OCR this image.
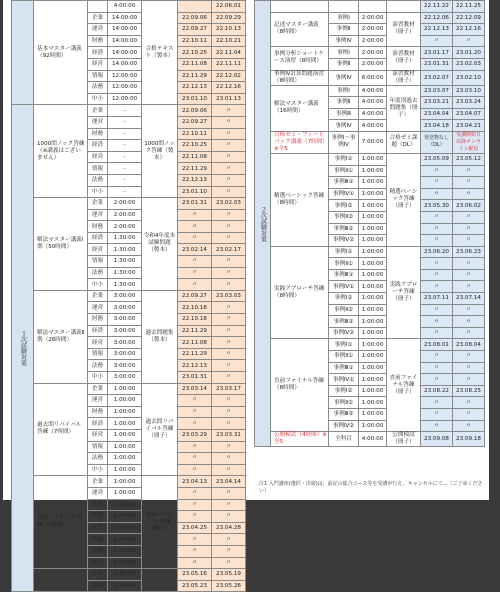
	基本マスター講義（92時間）		4:00:00	合格テキスト（製本）		22.06.01
		企業	14:00:00		22.09.06	22.09.29
		運営	14:00:00		22.09.27	22.10.13
		財務	14:00:00		22.10.11	22.10.21
		経済	14:00:00		22.10.25	22.11.04
		経営	14:00:00		22.11.08	22.11.11
		情報	12:00:00		22.11.29	22.12.02
		法務	12:00:00		22.12.13	22.12.16
		中小	12:00:00		23.01.10	23.01.13
１次試験対策	1000問ノック答練（※講義はございません）	企業	-	1000問ノック答練（製本）	22.09.06	〃
		運営	-		22.09.27	〃
		財務	-		22.10.11	〃
		経済	-		22.10.25	〃
		経営	-		22.11.08	〃
		情報	-		22.11.29	〃
		法務	-		22.12.13	〃
		中小	-		23.01.10	〃
	解法マスター講義Ⅰ期（50時間）	企業	2:00:00	令和4年度本試験問題（製本）	23.01.31	23.02.03
		運営	2:00:00		〃	〃
		財務	2:00:00		〃	〃
		経済	1:30:00		〃	〃
		経営	1:30:00		23.02.14	23.02.17
		情報	1:30:00		〃	〃
		法務	1:30:00		〃	〃
		中小	1:30:00		〃	〃
	解法マスター講義Ⅱ期（26時間）	企業	3:00:00	過去問題集（製本）	22.09.27	23.03.03
		運営	3:00:00		22.10.18	〃
		財務	3:00:00		22.10.18	〃
		経済	3:00:00		22.11.29	〃
		経営	3:00:00		22.11.08	〃
		情報	3:00:00		22.11.29	〃
		法務	3:00:00		22.12.13	〃
		中小	3:00:00		23.01.31	〃
	過去問リバイバル答練（7時間）	企業	1:00:00	過去問リバイバル答練（冊子）	23.03.14	23.03.17
		運営	1:00:00		〃	〃
		財務	1:00:00		〃	〃
		経済	1:00:00		〃	〃
		経営	1:00:00		23.03.29	23.03.31
		情報	1:00:00		〃	〃
		法務	1:00:00		〃	〃
		中小	1:00:00		〃	〃
	実践ハイレベル答練（7時間）	企業	1:00:00	実践ハイレベル答練（冊子）	23.04.13	23.04.14
		運営	1:00:00		〃	〃
		財務	1:00:00		〃	〃
		経済	1:00:00		〃	〃
		経営	1:00:00		23.04.25	23.04.28
		情報	1:00:00		〃	〃
		法務	1:00:00		〃	〃
		中小	1:00:00		〃	〃
		企業	1:30:00		23.05.16	23.05.19
		運営	1:30:00		23.05.23	23.05.26
２次試験対策					22.11.22	22.11.25
	記述マスター講義（8時間）	事例Ⅰ	2:00:00	演習教材（冊子）	22.12.06	22.12.09
		事例Ⅱ	2:00:00		22.12.13	22.12.16
		事例Ⅳ	2:00:00		〃	〃
	事例分析ショートケース演習（8時間）	事例Ⅰ	2:00:00	演習教材（冊子）	23.01.17	23.01.20
		事例Ⅱ	2:00:00		23.01.31	23.02.03
	事例Ⅳ計算問題演習（8時間）	事例Ⅳ	6:00:00	演習教材（冊子）	23.02.07	23.02.10
	解法マスター講義（16時間）	事例Ⅰ	4:00:00	年度別過去問題集（冊子）	23.03.07	23.03.10
		事例Ⅱ	4:00:00		23.03.21	23.03.24
		事例Ⅲ	4:00:00		23.04.04	23.04.07
		事例Ⅳ	4:00:00		23.04.18	23.04.21
	合格ゼミ・フィードバック講義（7時間）※全5	事例Ⅰ～事例Ⅳ	7:00:00	合格ゼミ課題（DL）	発送物なし（DL）	受講開始日以降オンライン配信
	精選ベーシック答練（8時間）	事例Ⅰ①	1:00:00	精選ベーシック答練（冊子）	23.05.09	23.05.12
		事例Ⅱ①	1:00:00		〃	〃
		事例Ⅲ①	1:00:00		〃	〃
		事例Ⅳ①	1:00:00		〃	〃
		事例Ⅰ②	1:00:00		23.05.30	23.06.02
		事例Ⅱ②	1:00:00		〃	〃
		事例Ⅲ②	1:00:00		〃	〃
		事例Ⅳ②	1:00:00		〃	〃
	実践アプローチ答練（8時間）	事例Ⅰ①	1:00:00	実践アプローチ答練（冊子）	23.06.20	23.06.23
		事例Ⅱ①	1:00:00		〃	〃
		事例Ⅲ①	1:00:00		〃	〃
		事例Ⅳ①	1:00:00		〃	〃
		事例Ⅰ②	1:00:00		23.07.11	23.07.14
		事例Ⅱ②	1:00:00		〃	〃
		事例Ⅲ②	1:00:00		〃	〃
		事例Ⅳ②	1:00:00		〃	〃
	直前ファイナル答練（8時間）	事例Ⅰ①	1:00:00	直前ファイナル答練（冊子）	23.08.01	23.08.04
		事例Ⅱ①	1:00:00		〃	〃
		事例Ⅲ①	1:00:00		〃	〃
		事例Ⅳ①	1:00:00		〃	〃
		事例Ⅰ②	1:00:00		23.08.22	23.08.25
		事例Ⅱ②	1:00:00		〃	〃
		事例Ⅲ②	1:00:00		〃	〃
		事例Ⅳ②	1:00:00		〃	〃
	公開模試（4時間）※全5	全科目	4:00:00	公開模試（冊子）	23.09.08	23.09.18
注1 入門講座(選択・出席)は、前記の総合コース等を受講が行え、キャンセルにて...（ご了承ください）
